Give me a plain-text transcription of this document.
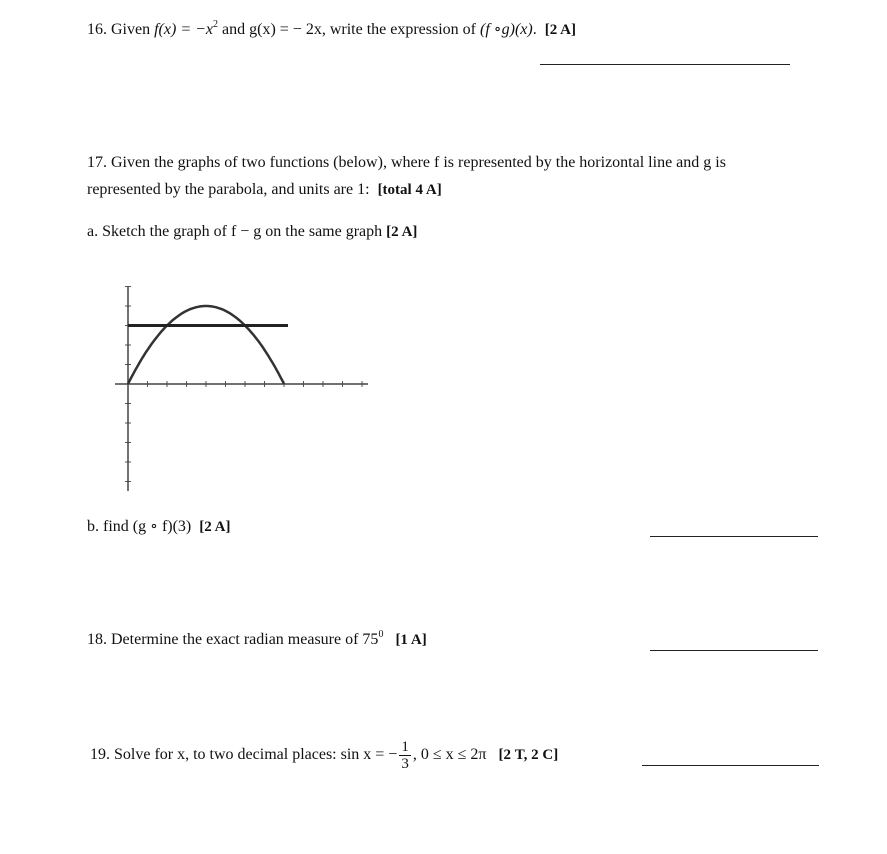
16. Given $f(x) = -x^2$ and g(x) = − 2x, write the expression of (f ∘g)(x). [2 A]
17. Given the graphs of two functions (below), where f is represented by the horizontal line and g is
represented by the parabola, and units are 1: [total 4 A]
a. Sketch the graph of f − g on the same graph [2 A]
b. find (g ∘ f)(3) [2 A]
18. Determine the exact radian measure of $75^0$ [1 A]
19. Solve for x, to two decimal places: sin x = − $\frac{1}{3}$ , 0 ≤ x ≤ 2π [2 T, 2 C]
